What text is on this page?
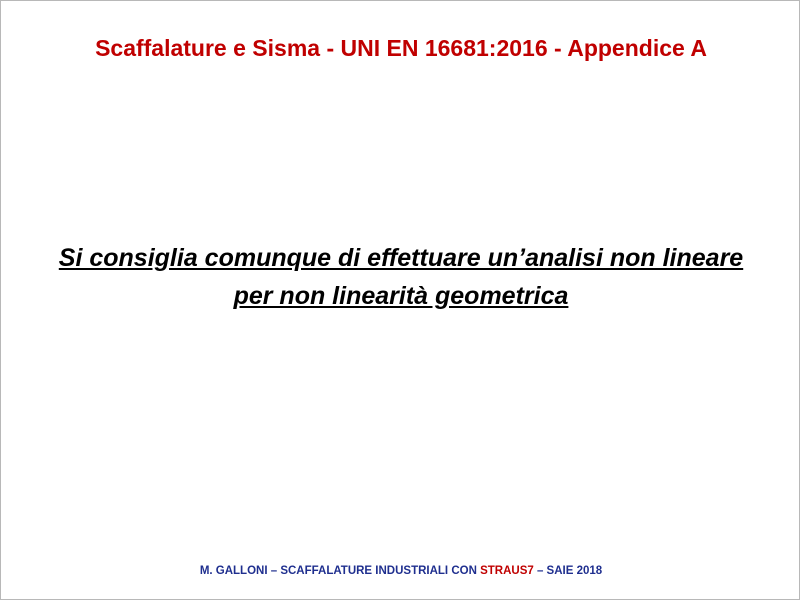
Scaffalature e Sisma - UNI EN 16681:2016 - Appendice A
Si consiglia comunque di effettuare un’analisi non lineare per non linearità geometrica
M. GALLONI – SCAFFALATURE INDUSTRIALI CON STRAUS7 – SAIE 2018
